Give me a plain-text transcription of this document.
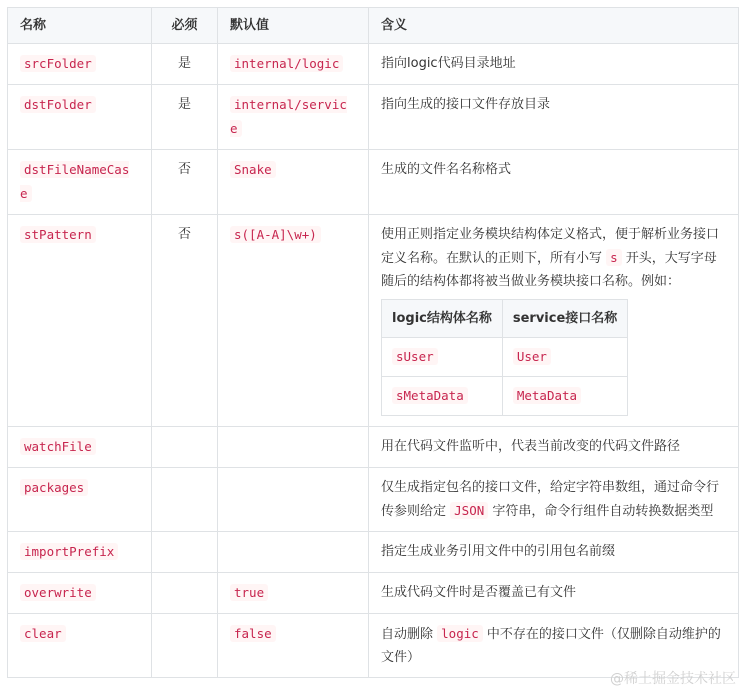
名称	必须	默认值	含义
srcFolder	是	internal/logic	指向logic代码目录地址
dstFolder	是	internal/service	指向生成的接口文件存放目录
dstFileNameCase	否	Snake	生成的文件名名称格式
stPattern	否	s([A-A]\w+)	使用正则指定业务模块结构体定义格式，便于解析业务接口定义名称。在默认的正则下，所有小写 s 开头，大写字母随后的结构体都将被当做业务模块接口名称。例如：
logic结构体名称	service接口名称
sUser	User
sMetaData	MetaData

watchFile			用在代码文件监听中，代表当前改变的代码文件路径
packages			仅生成指定包名的接口文件，给定字符串数组，通过命令行传参则给定 JSON 字符串，命令行组件自动转换数据类型
importPrefix			指定生成业务引用文件中的引用包名前缀
overwrite		true	生成代码文件时是否覆盖已有文件
clear		false	自动删除 logic 中不存在的接口文件（仅删除自动维护的文件）
@稀土掘金技术社区
